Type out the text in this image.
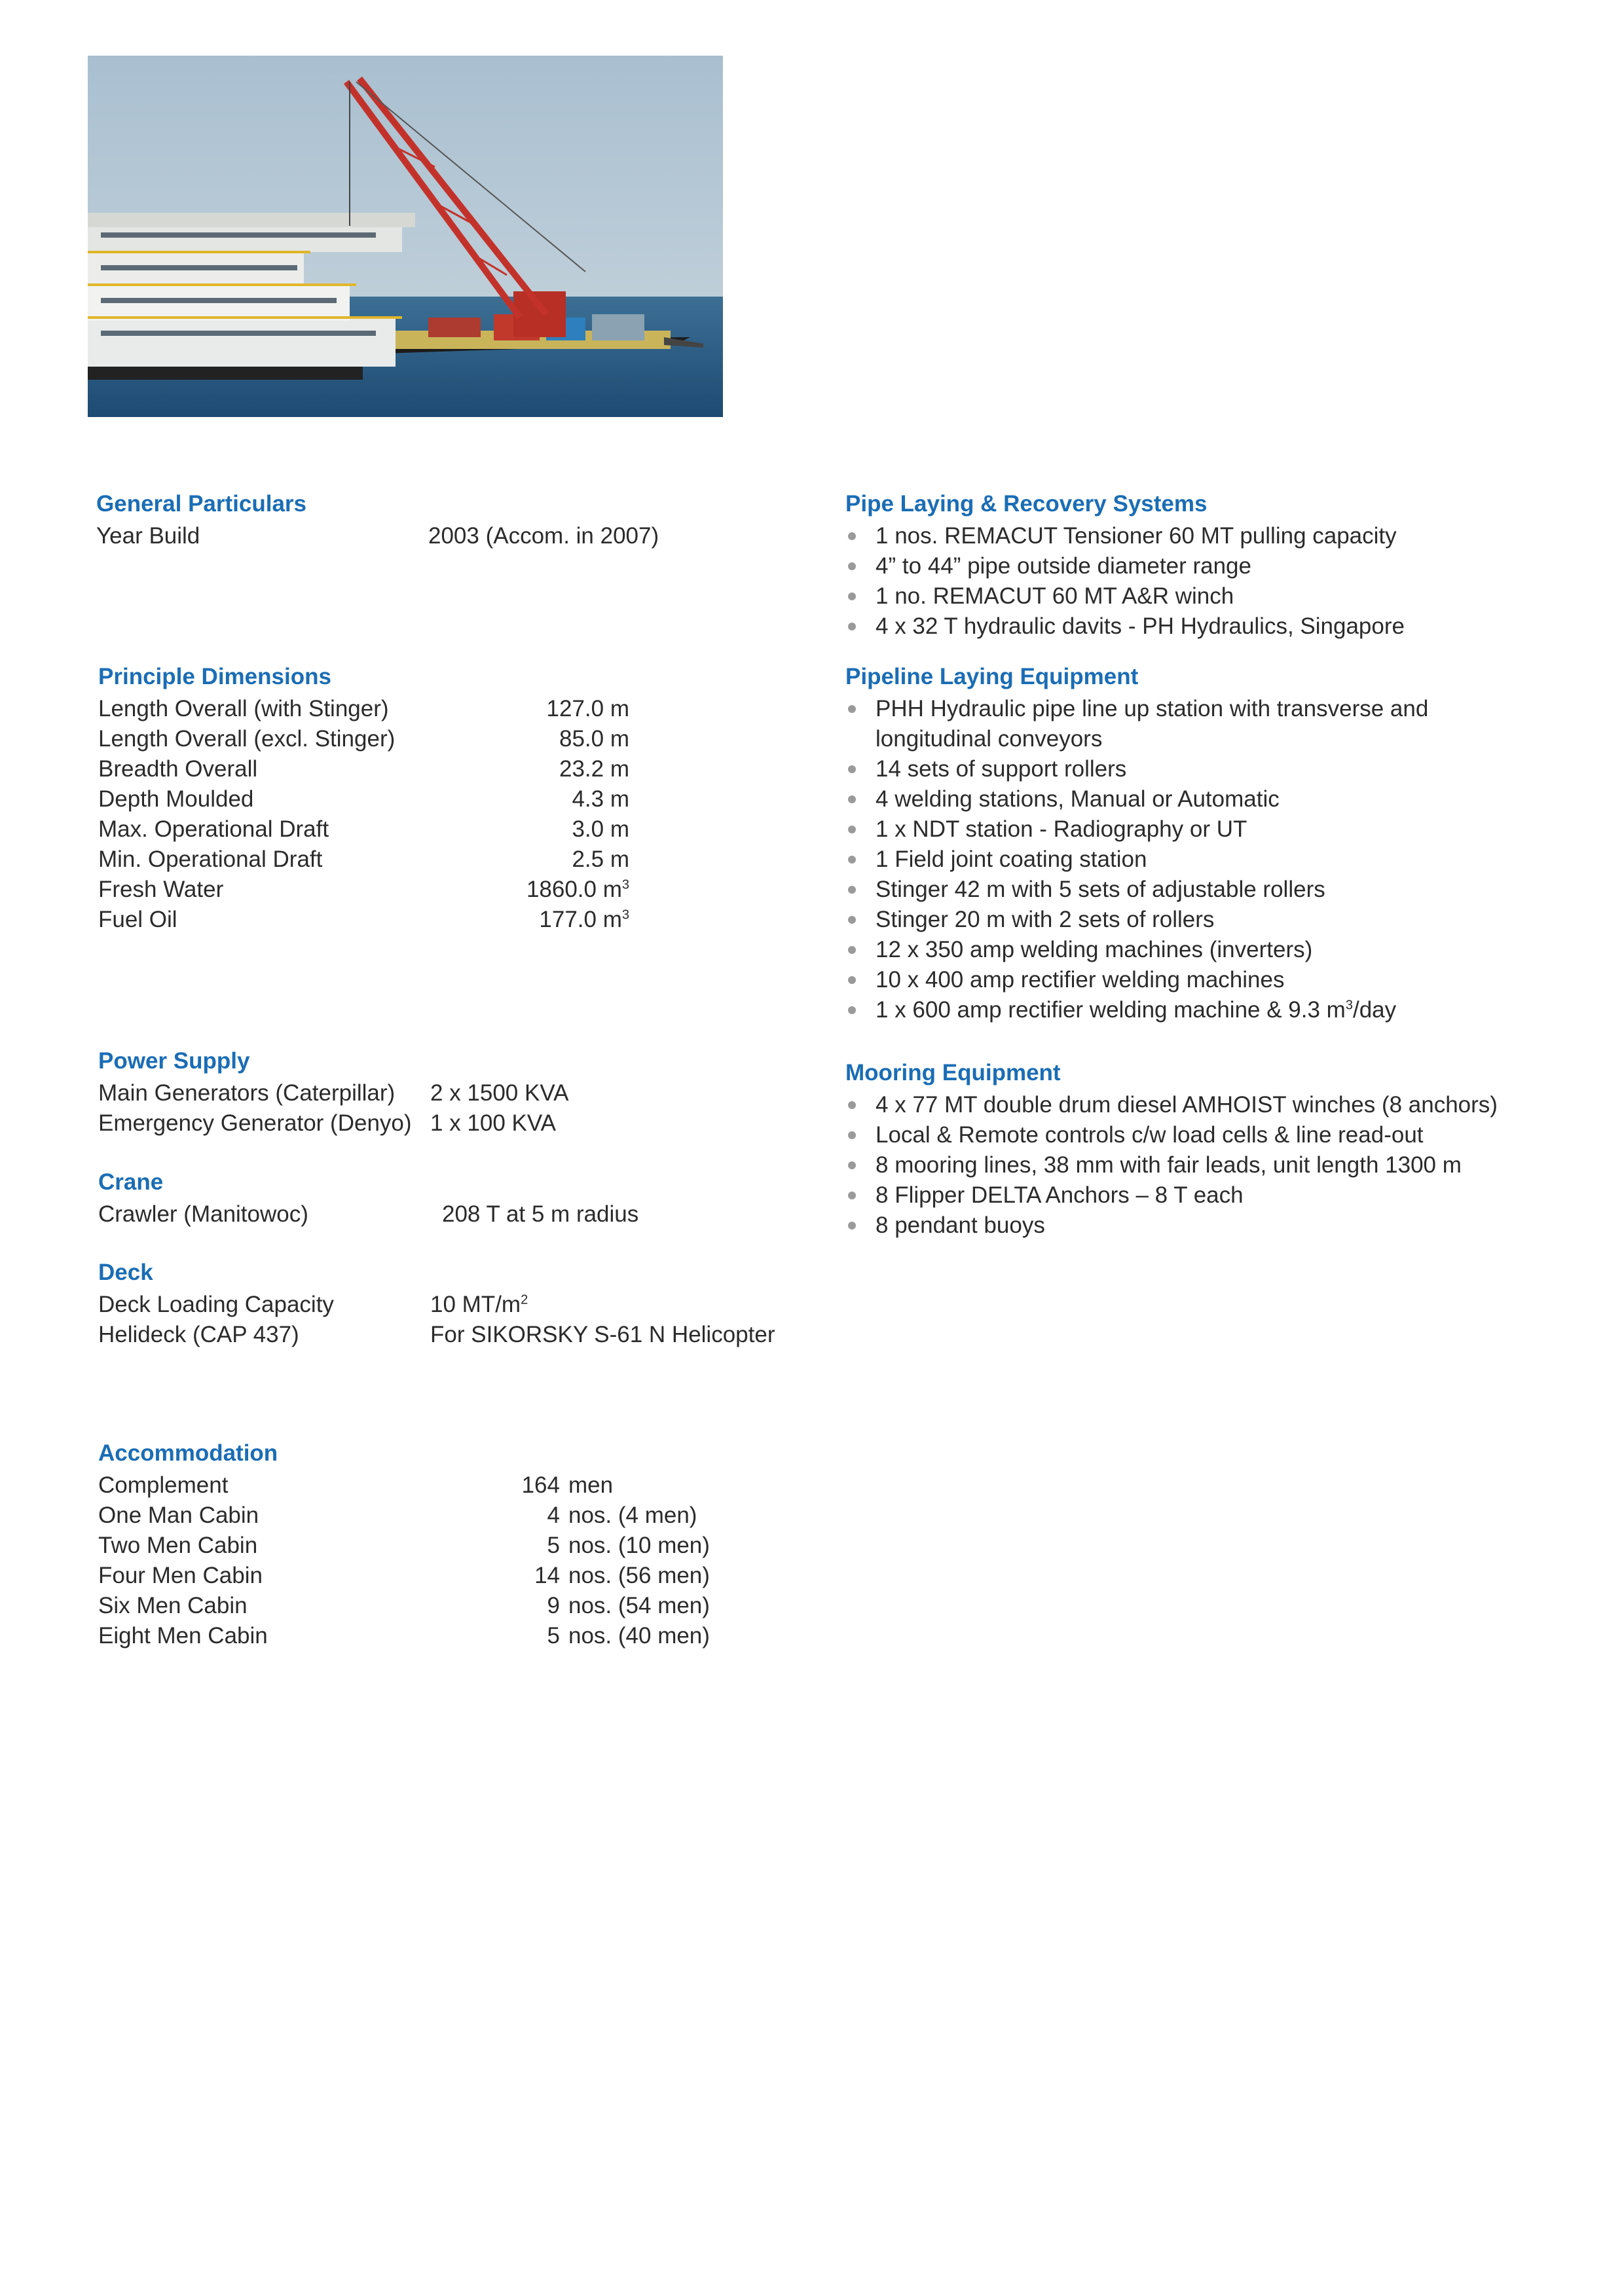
General Particulars
Year Build	2003 (Accom. in 2007)
Principle Dimensions
Length Overall (with Stinger)	127.0 m
Length Overall (excl. Stinger)	85.0 m
Breadth Overall	23.2 m
Depth Moulded	4.3 m
Max. Operational Draft	3.0 m
Min. Operational Draft	2.5 m
Fresh Water	1860.0 $m^3$
Fuel Oil	177.0 $m^3$
Power Supply
Main Generators (Caterpillar) 2 x 1500 KVA
Emergency Generator (Denyo) 1 x 100 KVA
Crane
Crawler (Manitowoc)	208 T at 5 m radius
Deck
Deck Loading Capacity	10 $MT/m^2$
Helideck (CAP 437)	For SIKORSKY S-61 N Helicopter
Accommodation
Complement	164 men
One Man Cabin	4 nos. (4 men)
Two Men Cabin	5 nos. (10 men)
Four Men Cabin	14 nos. (56 men)
Six Men Cabin	9 nos. (54 men)
Eight Men Cabin	5 nos. (40 men)
Pipe Laying & Recovery Systems
1 nos. REMACUT Tensioner 60 MT pulling capacity
4” to 44” pipe outside diameter range
1 no. REMACUT 60 MT A&R winch
4 x 32 T hydraulic davits - PH Hydraulics, Singapore
Pipeline Laying Equipment
PHH Hydraulic pipe line up station with transverse and
longitudinal conveyors
14 sets of support rollers
4 welding stations, Manual or Automatic
1 x NDT station - Radiography or UT
1 Field joint coating station
Stinger 42 m with 5 sets of adjustable rollers
Stinger 20 m with 2 sets of rollers
12 x 350 amp welding machines (inverters)
10 x 400 amp rectifier welding machines
1 x 600 amp rectifier welding machine & 9.3 $m^3$/day
Mooring Equipment
4 x 77 MT double drum diesel AMHOIST winches (8 anchors)
Local & Remote controls c/w load cells & line read-out
8 mooring lines, 38 mm with fair leads, unit length 1300 m
8 Flipper DELTA Anchors – 8 T each
8 pendant buoys
